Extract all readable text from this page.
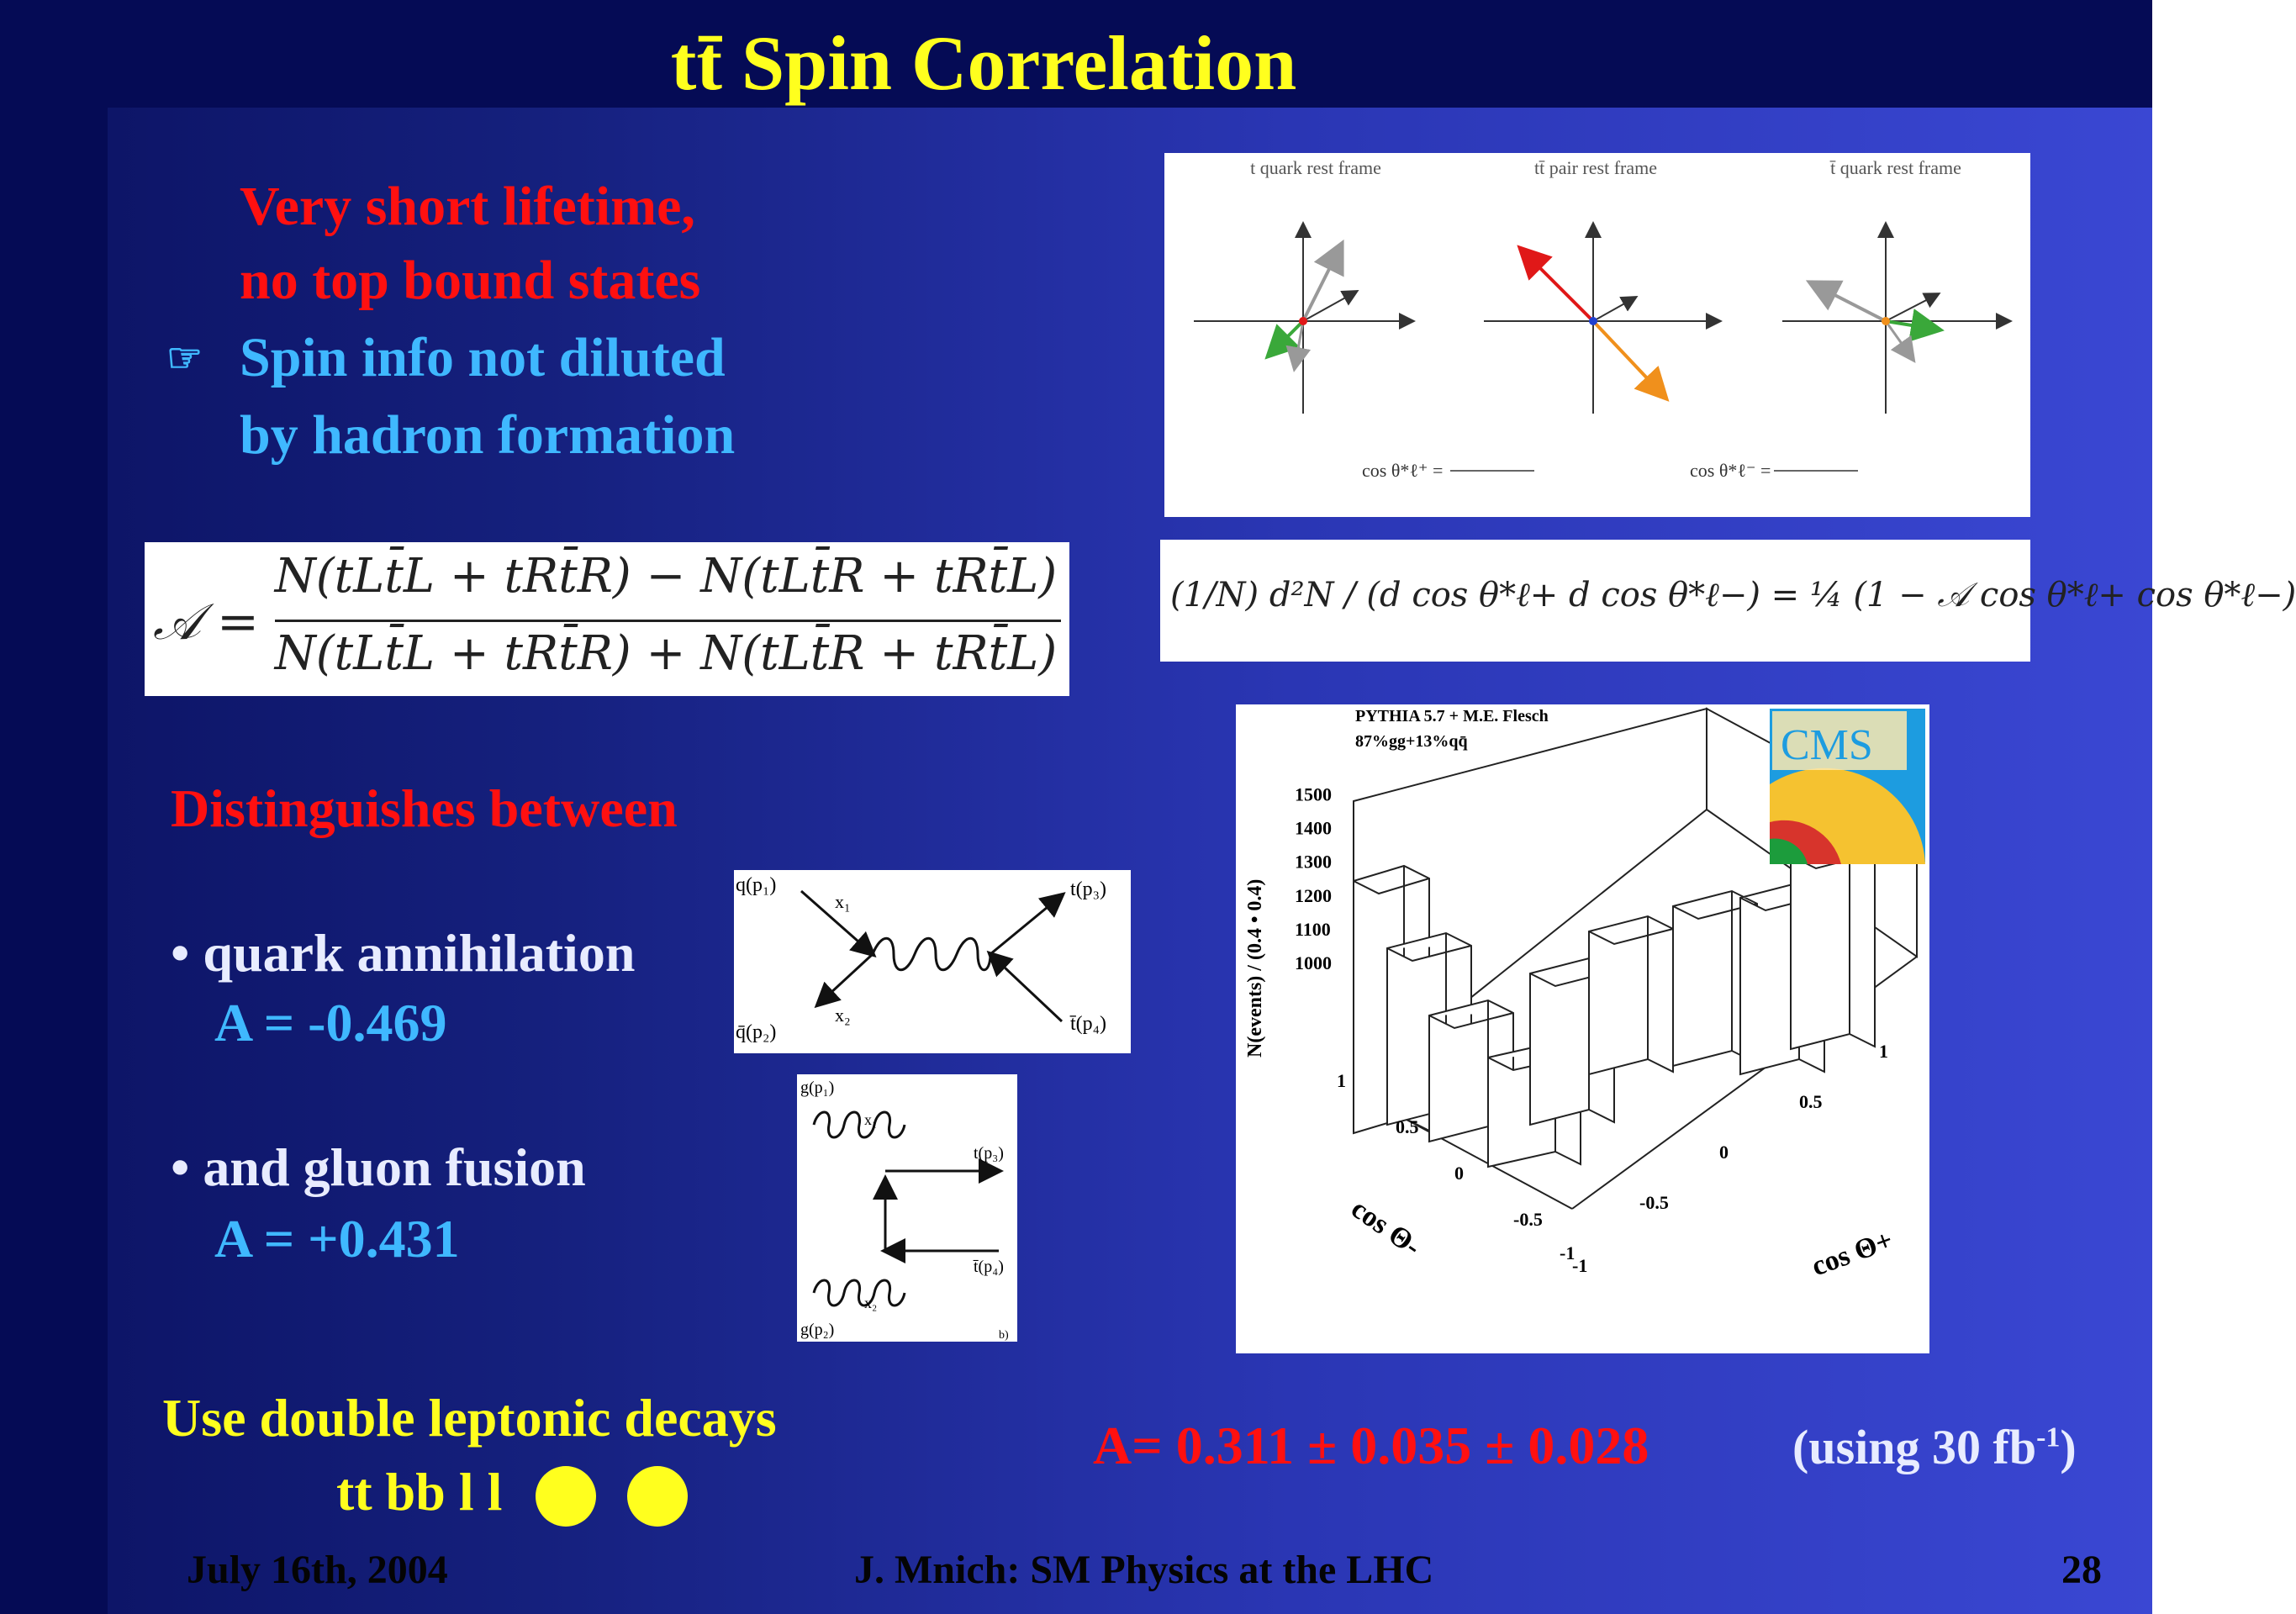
tt̄ Spin Correlation
Very short lifetime,
no top bound states
☞ Spin info not diluted
by hadron formation
t quark rest frame	tt̄ pair rest frame	t̄ quark rest frame
cos θ*ℓ⁺ =	cos θ*ℓ⁻ =
𝒜 =
N(tLt̄L + tRt̄R) − N(tLt̄R + tRt̄L)
N(tLt̄L + tRt̄R) + N(tLt̄R + tRt̄L)
(1/N) d²N / (d cos θ*ℓ+ d cos θ*ℓ−) = ¼ (1 − 𝒜 cos θ*ℓ+ cos θ*ℓ−)
Distinguishes between
• quark annihilation
A = -0.469
• and gluon fusion
A = +0.431
q(p₁)
q̄(p₂)
t(p₃)
t̄(p₄)
x₁
x₂
g(p₁)
g(p₂)
t(p₃)
t̄(p₄)
x₁
x₂
b)
PYTHIA 5.7 + M.E. Flesch
87%gg+13%qq̄
1000
1100
1200
1300
1400
1500
-1
-0.5
0
0.5
1
1
0.5
0
-0.5
-1
N(events) / (0.4 • 0.4)
cos Θ+
cos Θ-
CMS
Use double leptonic decays
tt bb l l
A= 0.311 ± 0.035 ± 0.028	(using 30 $fb^{-1}$)
July 16th, 2004	J. Mnich: SM Physics at the LHC	28
